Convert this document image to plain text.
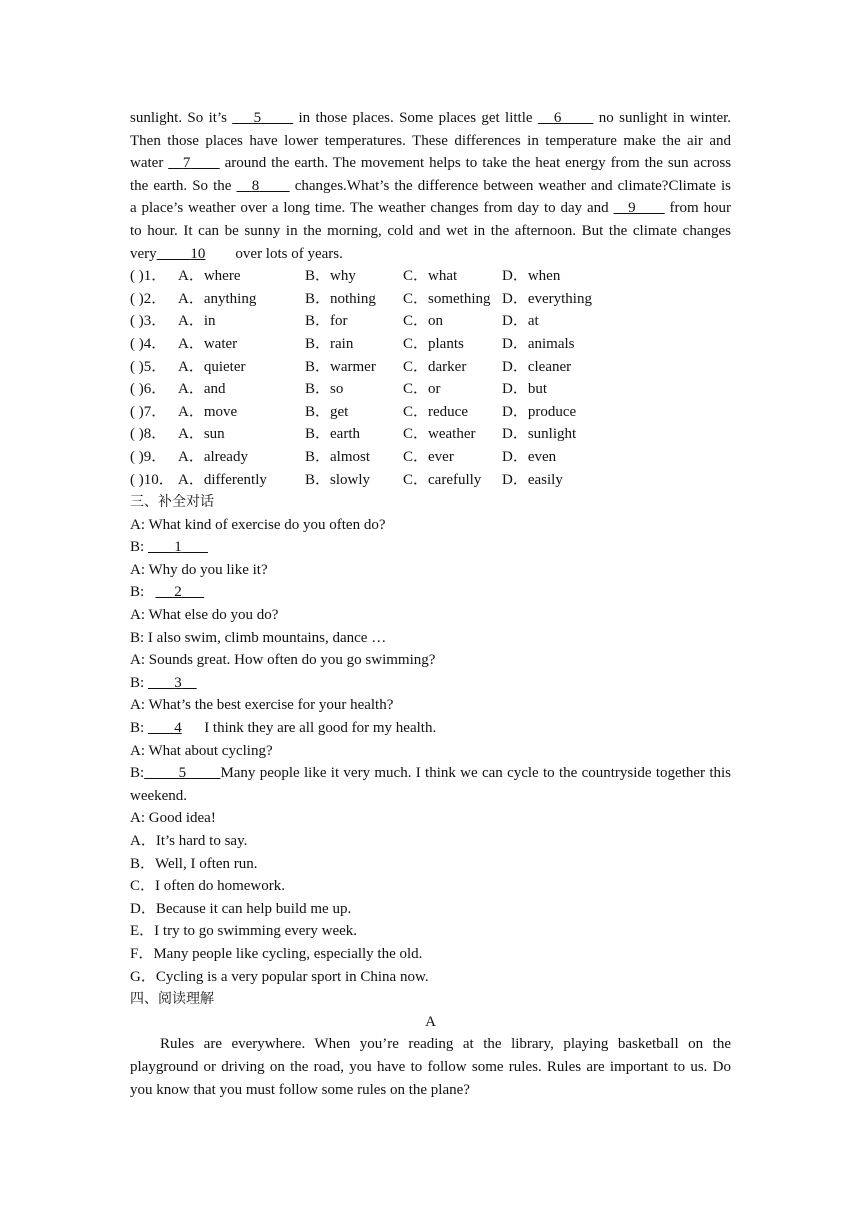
sunlight. So it’s     5       in those places. Some places get little    6       no sunlight in winter.
Then those places have lower temperatures. These differences in temperature make the air and
water    7       around the earth. The movement helps to take the heat energy from the sun across
the earth. So the    8       changes.What’s the difference between weather and climate?Climate is
a place’s weather over a long time. The weather changes from day to day and    9       from hour
to hour. It can be sunny in the morning, cold and wet in the afternoon. But the climate changes
very 10        over lots of years.
( )1． A．where	B．why	C．what	D．when
( )2． A．anything	B．nothing C．something D．everything
( )3． A．in	B．for	C．on	D．at
( )4． A．water	B．rain	C．plants	D．animals
( )5． A．quieter	B．warmer C．darker D．cleaner
( )6． A．and	B．so	C．or	D．but
( )7． A．move	B．get	C．reduce D．produce
( )8． A．sun	B．earth	C．weather D．sunlight
( )9． A．already	B．almost C．ever	D．even
( )10． A．differently	B．slowly C．carefully D．easily
三、补全对话
A: What kind of exercise do you often do?
B:        1
A: Why do you like it?
B:        2
A: What else do you do?
B: I also swim, climb mountains, dance …
A: Sounds great. How often do you go swimming?
B:        3
A: What’s the best exercise for your health?
B:        4      I think they are all good for my health.
A: What about cycling?
B: 5 Many people like it very much. I think we can cycle to the countryside together this
weekend.
A: Good idea!
A．It’s hard to say.
B．Well, I often run.
C．I often do homework.
D．Because it can help build me up.
E．I try to go swimming every week.
F．Many people like cycling, especially the old.
G．Cycling is a very popular sport in China now.
四、阅读理解
A
Rules are everywhere. When you’re reading at the library, playing basketball on the
playground or driving on the road, you have to follow some rules. Rules are important to us. Do
you know that you must follow some rules on the plane?
